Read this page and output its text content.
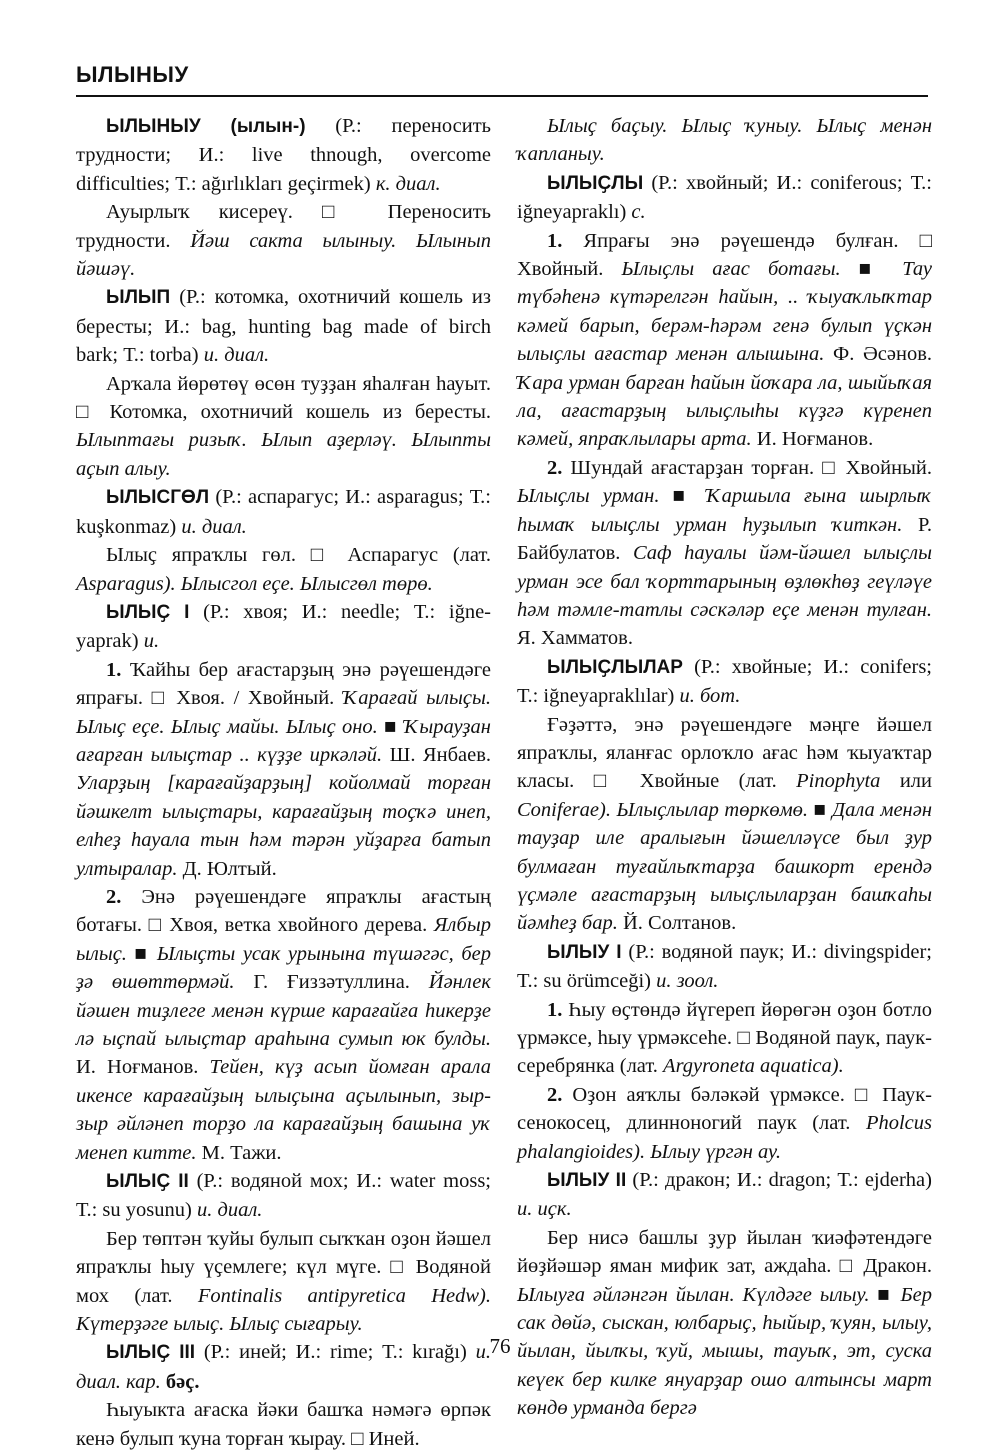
ЫЛЫНЫУ

ЫЛЫНЫУ (ылын-) (Р.: переносить трудности; И.: live thnough, overcome difficulties; Т.: ağırlıkları geçirmek) к. диал.

Ауырлыҡ кисереү. □ Переносить трудности. Йәш сакта ылыныу. Ылынып йәшәү.

ЫЛЫП (Р.: котомка, охотничий кошель из бересты; И.: bag, hunting bag made of birch bark; Т.: torba) и. диал.

Арҡала йөрөтөү өсөн туҙҙан яһалған һауыт. □ Котомка, охотничий кошель из бересты. Ылыптағы ризыҡ. Ылып аҙерләү. Ылыпты аҫып алыу.

ЫЛЫСГӨЛ (Р.: аспарагус; И.: asparagus; Т.: kuşkonmaz) и. диал.

Ылыҫ япраҡлы гөл. □ Аспарагус (лат. Asparagus). Ылыcгол еҫе. Ылысгөл төрө.

ЫЛЫҪ I (Р.: хвоя; И.: needle; Т.: iğne-yaprak) и.

1. Ҡайһы бер ағастарҙың энә рәүешендәге япрағы. □ Хвоя. / Хвойный. Ҡарағай ылыҫы. Ылыҫ еҫе. Ылыҫ майы. Ылыҫ оно. ■ Ҡырауҙан ағарған ылыҫтар .. күҙҙе иркәләй. Ш. Янбаев. Уларҙың [карағайҙарҙың] койолмай торған йәшкелт ылыҫтары, карағайҙың тоҫҡә инеп, елһеҙ һауала тын һәм тәрән уйҙарға батып ултыралар. Д. Юлтый.

2. Энә рәүешендәге япраҡлы ағастың ботағы. □ Хвоя, ветка хвойного дерева. Ялбыр ылыҫ. ■ Ылыҫты усак урынына түшәгәс, бер ҙә өшөттөрмәй. Г. Ғиззәтуллина. Йәнлек йәшен тиҙлеге менән күрше карағайға һикерҙе лә ыҫпай ылыҫтар араһына сумып юк булды. И. Ноғманов. Тейен, күҙ асып йомған арала икенсе карағайҙың ылыҫына аҫылынып, зыр-зыр әйләнеп торҙо ла карағайҙың башына уҡ менеп китте. М. Тажи.

ЫЛЫҪ II (Р.: водяной мох; И.: water moss; Т.: su yosunu) и. диал.

Бер төптән ҡуйы булып сыҡҡан оҙон йәшел япраҡлы һыу үҫемлеге; күл мүге. □ Водяной мох (лат. Fontinalis antipyretica Hedw). Күтерҙәге ылыҫ. Ылыҫ сығарыу.

ЫЛЫҪ III (Р.: иней; И.: rime; Т.: kırağı) и. диал. кар. бәҫ.

Һыуыкта ағаска йәки башҡа нәмәгә өрпәк кенә булып ҡуна торған ҡырау. □ Иней.

Ылыҫ баҫыу. Ылыҫ ҡуныу. Ылыҫ менән ҡапланыу.

ЫЛЫҪЛЫ (Р.: хвойный; И.: coniferous; Т.: iğneyapraklı) с.

1. Япрағы энә рәүешендә булған. □ Хвойный. Ылыҫлы ағас ботағы. ■ Тау түбәһенә күтәрелгән һайын, .. ҡыуаҡлыҡтар кәмей барып, берәм-һәрәм генә булып үҫкән ылыҫлы ағастар менән алышына. Ф. Әсәнов. Ҡара урман барған һайын йоҡара ла, шыйыҡая ла, ағастарҙың ылыҫлыһы күҙгә күренеп кәмей, япраҡлылары арта. И. Ноғманов.

2. Шундай ағастарҙан торған. □ Хвойный. Ылыҫлы урман. ■ Ҡаршыла ғына шырлыҡ һымаҡ ылыҫлы урман һуҙылып ҡиткән. Р. Байбулатов. Саф һауалы йәм-йәшел ылыҫлы урман эсе бал ҡорттарының өҙлөкһөҙ геүләүе һәм тәмле-татлы сәскәләр еҫе менән тулған. Я. Хамматов.

ЫЛЫҪЛЫЛАР (Р.: хвойные; И.: conifers; Т.: iğneyapraklılar) и. бот.

Ғәҙәттә, энә рәүешендәге мәңге йәшел япраҡлы, яланғас орлоҡло ағас һәм ҡыуаҡтар класы. □ Хвойные (лат. Pinophyta или Coniferae). Ылыҫлылар төркөмө. ■ Дала менән тауҙар иле аралығын йәшелләүсе был ҙур булмаған туғайлыҡтарҙа башкорт ерендә үҫмәле ағастарҙың ылыҫлыларҙан башҡаһы йәмһеҙ бар. Й. Солтанов.

ЫЛЫУ I (Р.: водяной паук; И.: divingspider; Т.: su örümceği) и. зоол.

1. Һыу өҫтөндә йүгереп йөрөгән оҙон ботло үрмәксе, һыу үрмәксеһе. □ Водяной паук, паук-серебрянка (лат. Argyroneta aquatica).

2. Оҙон аяҡлы бәләкәй үрмәксе. □ Паук-сенокосец, длинноногий паук (лат. Pholcus phalangioides). Ылыу үргән ау.

ЫЛЫУ II (Р.: дракон; И.: dragon; Т.: ejderha) и. иҫк.

Бер нисә башлы ҙур йылан ҡиәфәтендәге йөҙйәшәр яман мифик зат, аждаһа. □ Дракон. Ылыуға әйләнгән йылан. Күлдәге ылыу. ■ Бер сак дөйә, сыскан, юлбарыҫ, һыйыр, ҡуян, ылыу, йылан, йылҡы, ҡуй, мышы, тауыҡ, эт, суска кеүек бер килке януарҙар ошо алтынсы март көндө урманда бергә

76
